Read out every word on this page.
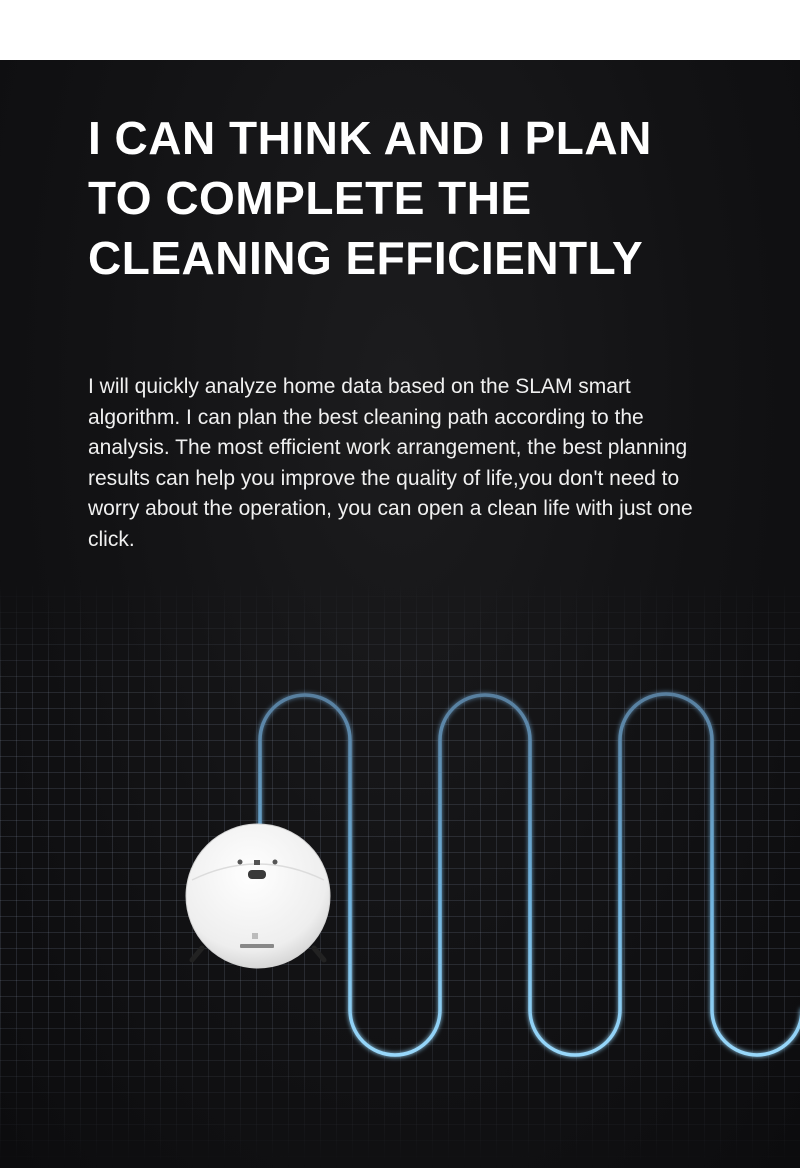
I CAN THINK AND I PLAN
TO COMPLETE THE
CLEANING EFFICIENTLY

I will quickly analyze home data based on the SLAM smart algorithm. I can plan the best cleaning path according to the analysis. The most efficient work arrangement, the best planning results can help you improve the quality of life,you don't need to worry about the operation, you can open a clean life with just one click.
